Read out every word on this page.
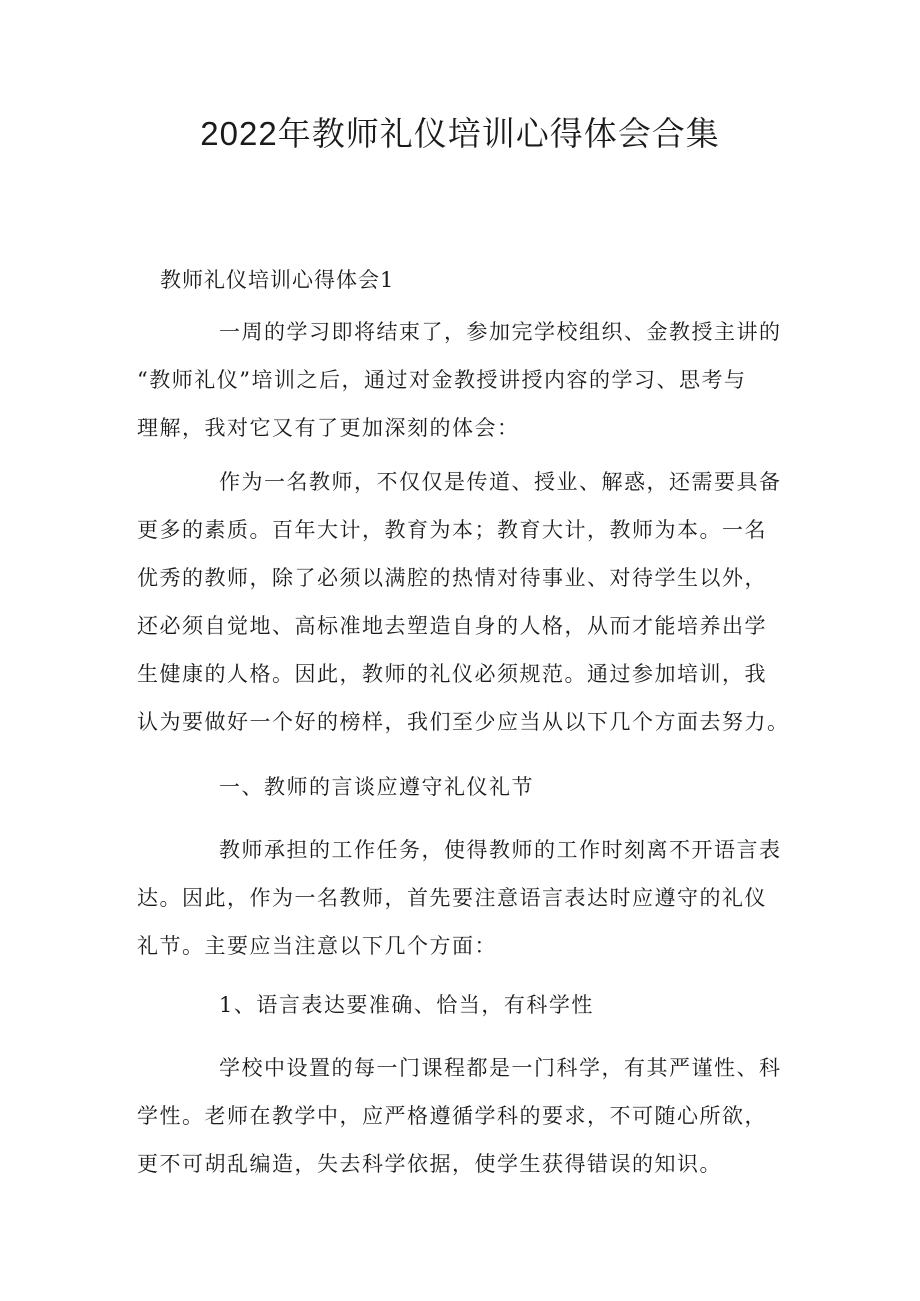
2022年教师礼仪培训心得体会合集

教师礼仪培训心得体会1

一周的学习即将结束了，参加完学校组织、金教授主讲的
“教师礼仪”培训之后，通过对金教授讲授内容的学习、思考与
理解，我对它又有了更加深刻的体会：

作为一名教师，不仅仅是传道、授业、解惑，还需要具备
更多的素质。百年大计，教育为本；教育大计，教师为本。一名
优秀的教师，除了必须以满腔的热情对待事业、对待学生以外，
还必须自觉地、高标准地去塑造自身的人格，从而才能培养出学
生健康的人格。因此，教师的礼仪必须规范。通过参加培训，我
认为要做好一个好的榜样，我们至少应当从以下几个方面去努力。

一、教师的言谈应遵守礼仪礼节

教师承担的工作任务，使得教师的工作时刻离不开语言表
达。因此，作为一名教师，首先要注意语言表达时应遵守的礼仪
礼节。主要应当注意以下几个方面：

1、语言表达要准确、恰当，有科学性

学校中设置的每一门课程都是一门科学，有其严谨性、科
学性。老师在教学中，应严格遵循学科的要求，不可随心所欲，
更不可胡乱编造，失去科学依据，使学生获得错误的知识。
